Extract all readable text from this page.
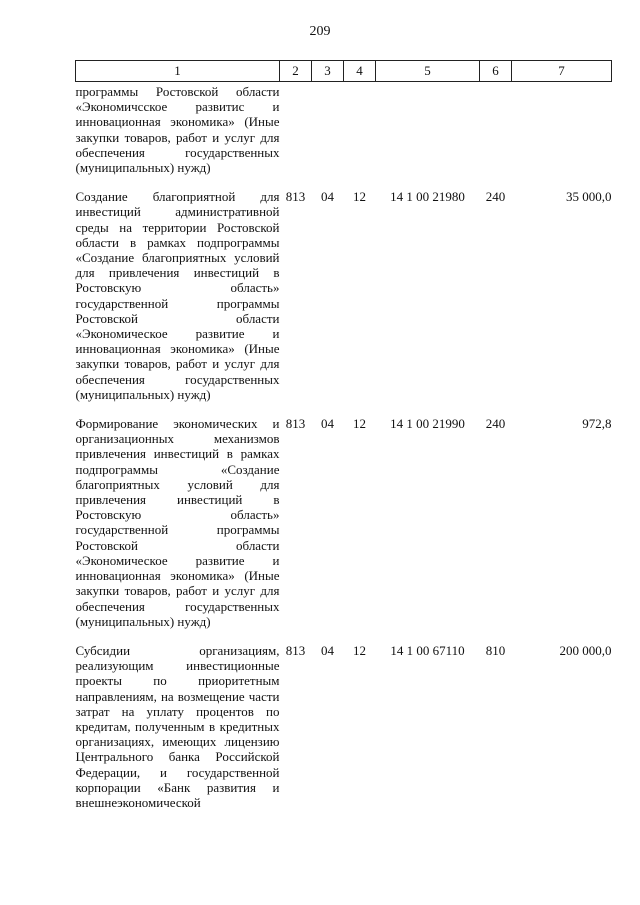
209
1	2	3	4	5	6	7
программы Ростовской области «Экономичсское развитис и инновационная экономика» (Иные закупки товаров, работ и услуг для обеспечения государственных (муниципальных) нужд)						
Создание благоприятной для инвестиций административной среды на территории Ростовской области в рамках подпрограммы «Создание благоприятных условий для привлечения инвестиций в Ростовскую область» государственной программы Ростовской области «Экономическое развитие и инновационная экономика» (Иные закупки товаров, работ и услуг для обеспечения государственных (муниципальных) нужд)	813	04	12	14 1 00 21980	240	35 000,0
Формирование экономических и организационных механизмов привлечения инвестиций в рамках подпрограммы «Создание благоприятных условий для привлечения инвестиций в Ростовскую область» государственной программы Ростовской области «Экономическое развитие и инновационная экономика» (Иные закупки товаров, работ и услуг для обеспечения государственных (муниципальных) нужд)	813	04	12	14 1 00 21990	240	972,8
Субсидии организациям, реализующим инвестиционные проекты по приоритетным направлениям, на возмещение части затрат на уплату процентов по кредитам, полученным в кредитных организациях, имеющих лицензию Центрального банка Российской Федерации, и государственной корпорации «Банк развития и внешнеэкономической	813	04	12	14 1 00 67110	810	200 000,0
